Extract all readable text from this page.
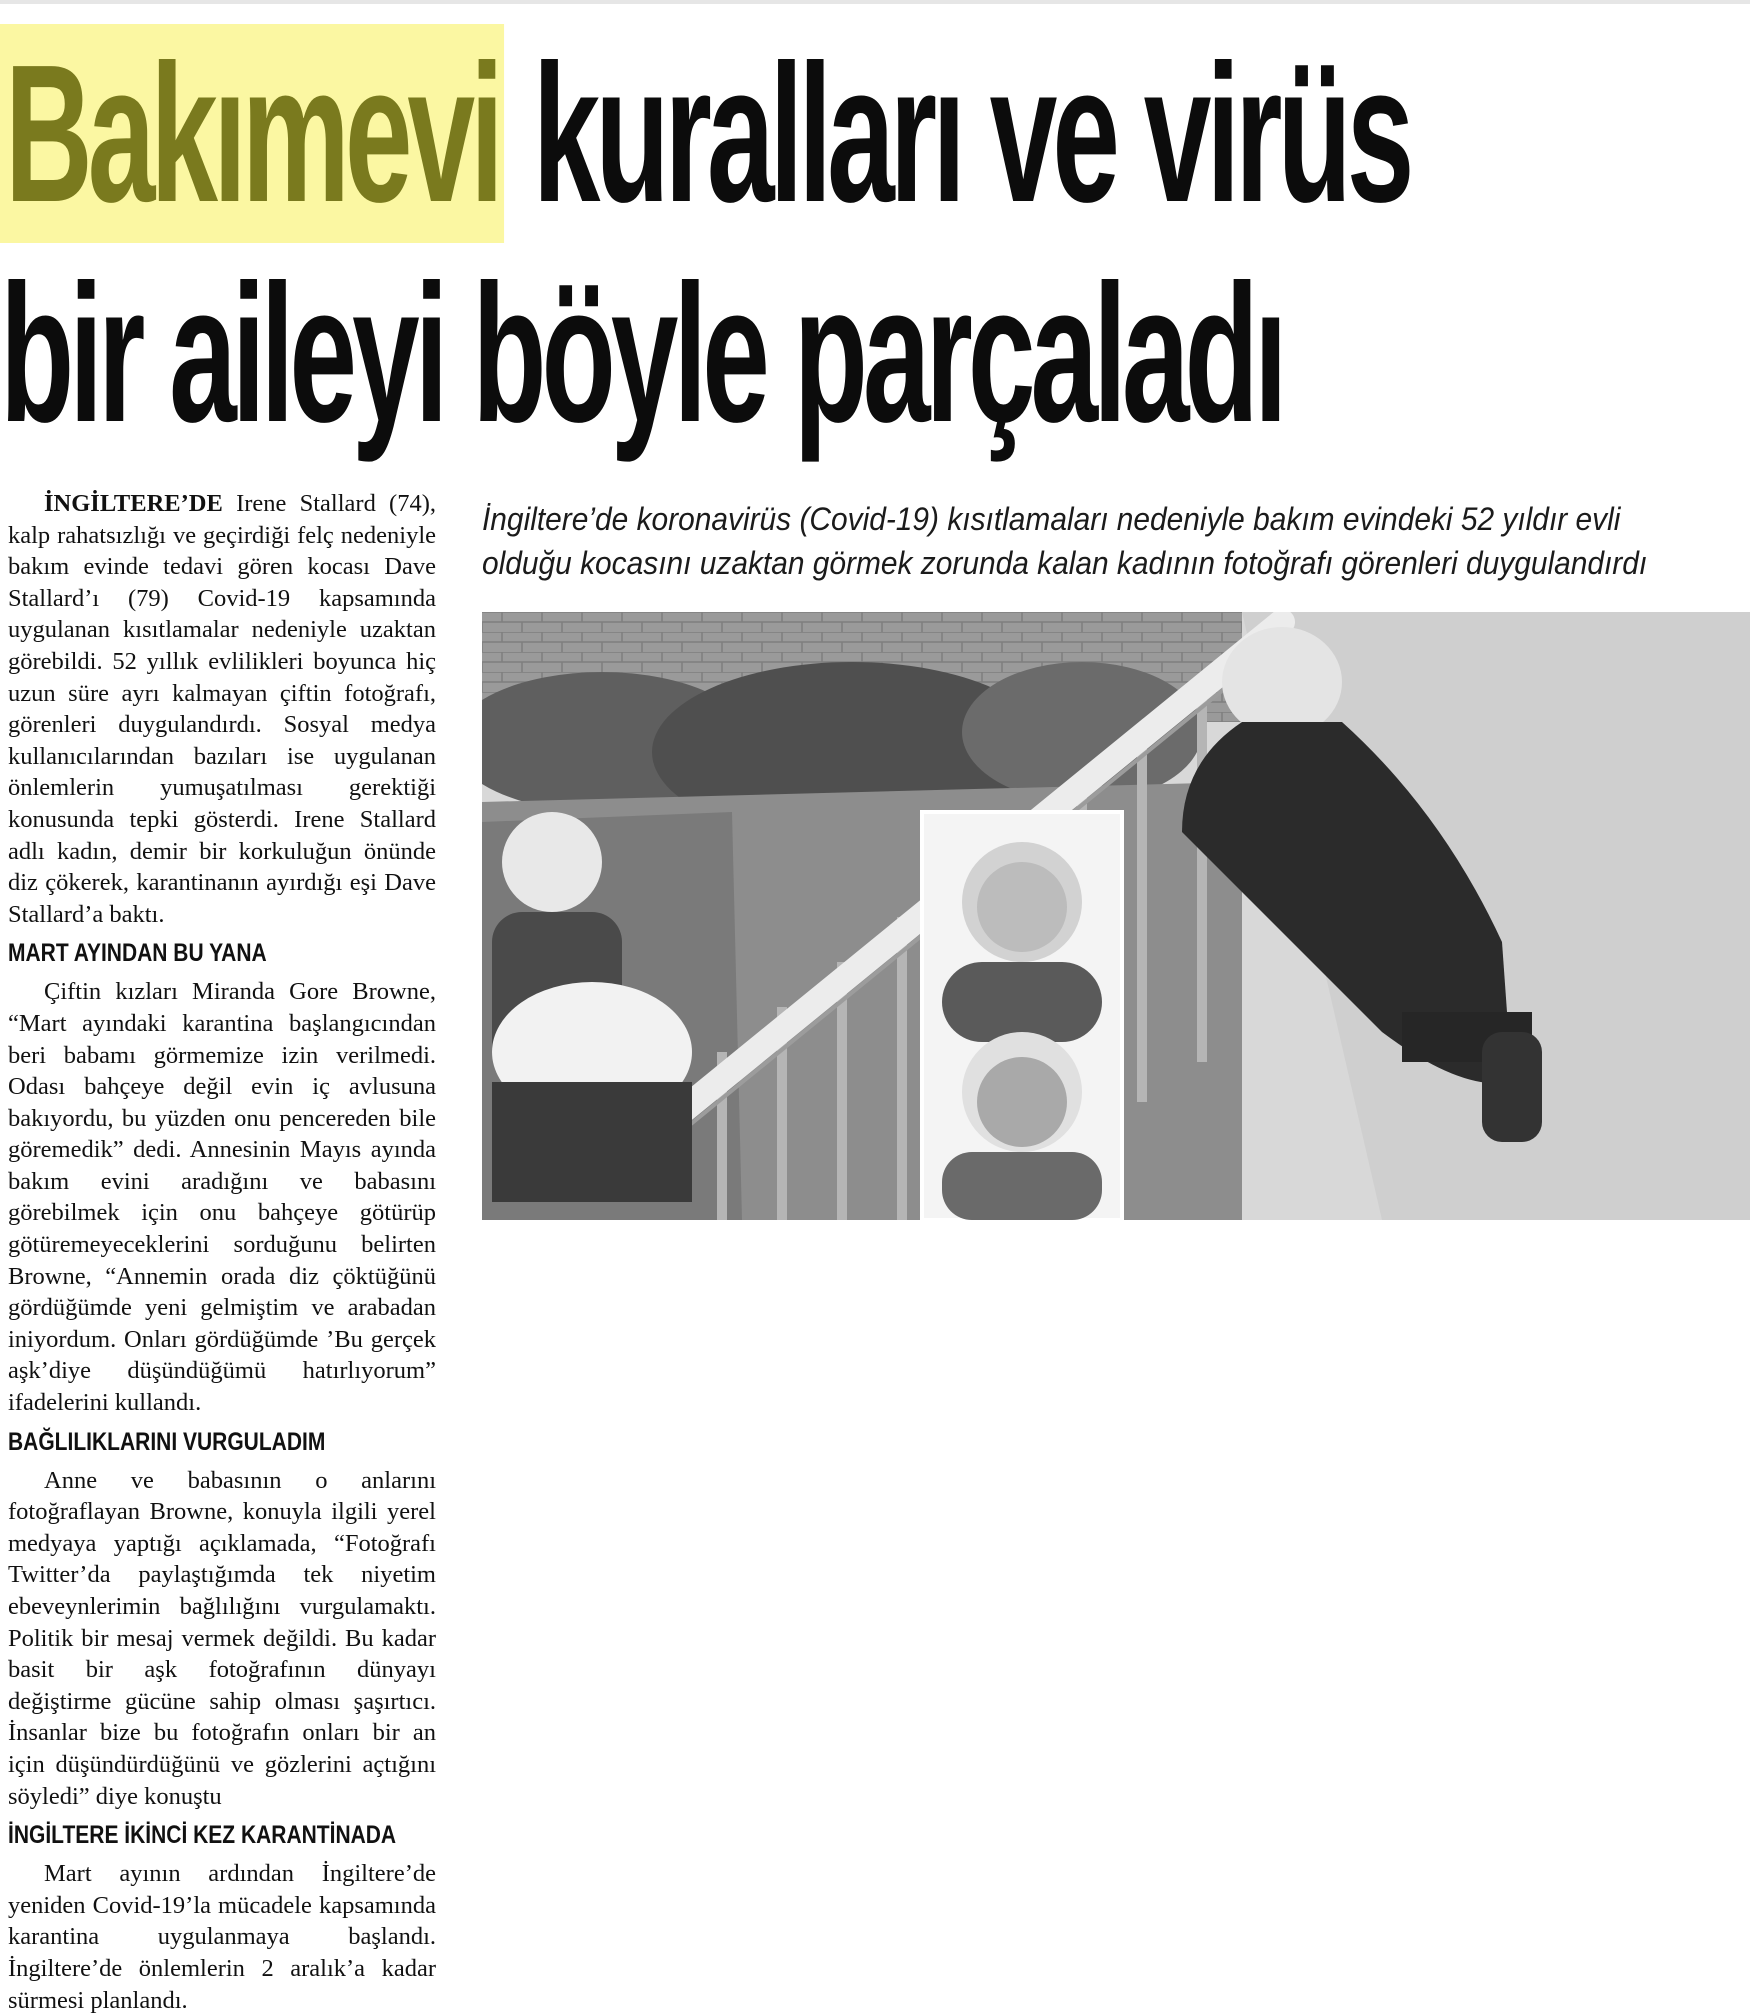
Bakımevi kuralları ve virüs
bir aileyi böyle parçaladı

İNGİLTERE’DE Irene Stallard (74), kalp rahatsızlığı ve geçirdiği felç nedeniyle bakım evinde tedavi gören kocası Dave Stallard’ı (79) Covid-19 kapsamında uygulanan kısıtlamalar nedeniyle uzaktan görebildi. 52 yıllık evlilikleri boyunca hiç uzun süre ayrı kalmayan çiftin fotoğrafı, görenleri duygulandırdı. Sosyal medya kullanıcılarından bazıları ise uygulanan önlemlerin yumuşatılması gerektiği konusunda tepki gösterdi. Irene Stallard adlı kadın, demir bir korkuluğun önünde diz çökerek, karantinanın ayırdığı eşi Dave Stallard’a baktı.

MART AYINDAN BU YANA

Çiftin kızları Miranda Gore Browne, “Mart ayındaki karantina başlangıcından beri babamı görmemize izin verilmedi. Odası bahçeye değil evin iç avlusuna bakıyordu, bu yüzden onu pencereden bile göremedik” dedi. Annesinin Mayıs ayında bakım evini aradığını ve babasını görebilmek için onu bahçeye götürüp götüremeyeceklerini sorduğunu belirten Browne, “Annemin orada diz çöktüğünü gördüğümde yeni gelmiştim ve arabadan iniyordum. Onları gördüğümde ’Bu gerçek aşk’diye düşündüğümü hatırlıyorum” ifadelerini kullandı.

BAĞLILIKLARINI VURGULADIM

Anne ve babasının o anlarını fotoğraflayan Browne, konuyla ilgili yerel medyaya yaptığı açıklamada, “Fotoğrafı Twitter’da paylaştığımda tek niyetim ebeveynlerimin bağlılığını vurgulamaktı. Politik bir mesaj vermek değildi. Bu kadar basit bir aşk fotoğrafının dünyayı değiştirme gücüne sahip olması şaşırtıcı. İnsanlar bize bu fotoğrafın onları bir an için düşündürdüğünü ve gözlerini açtığını söyledi” diye konuştu

İNGİLTERE İKİNCİ KEZ KARANTİNADA

Mart ayının ardından İngiltere’de yeniden Covid-19’la mücadele kapsamında karantina uygulanmaya başlandı. İngiltere’de önlemlerin 2 aralık’a kadar sürmesi planlandı.

İngiltere’de koronavirüs (Covid-19) kısıtlamaları nedeniyle bakım evindeki 52 yıldır evli olduğu kocasını uzaktan görmek zorunda kalan kadının fotoğrafı görenleri duygulandırdı
